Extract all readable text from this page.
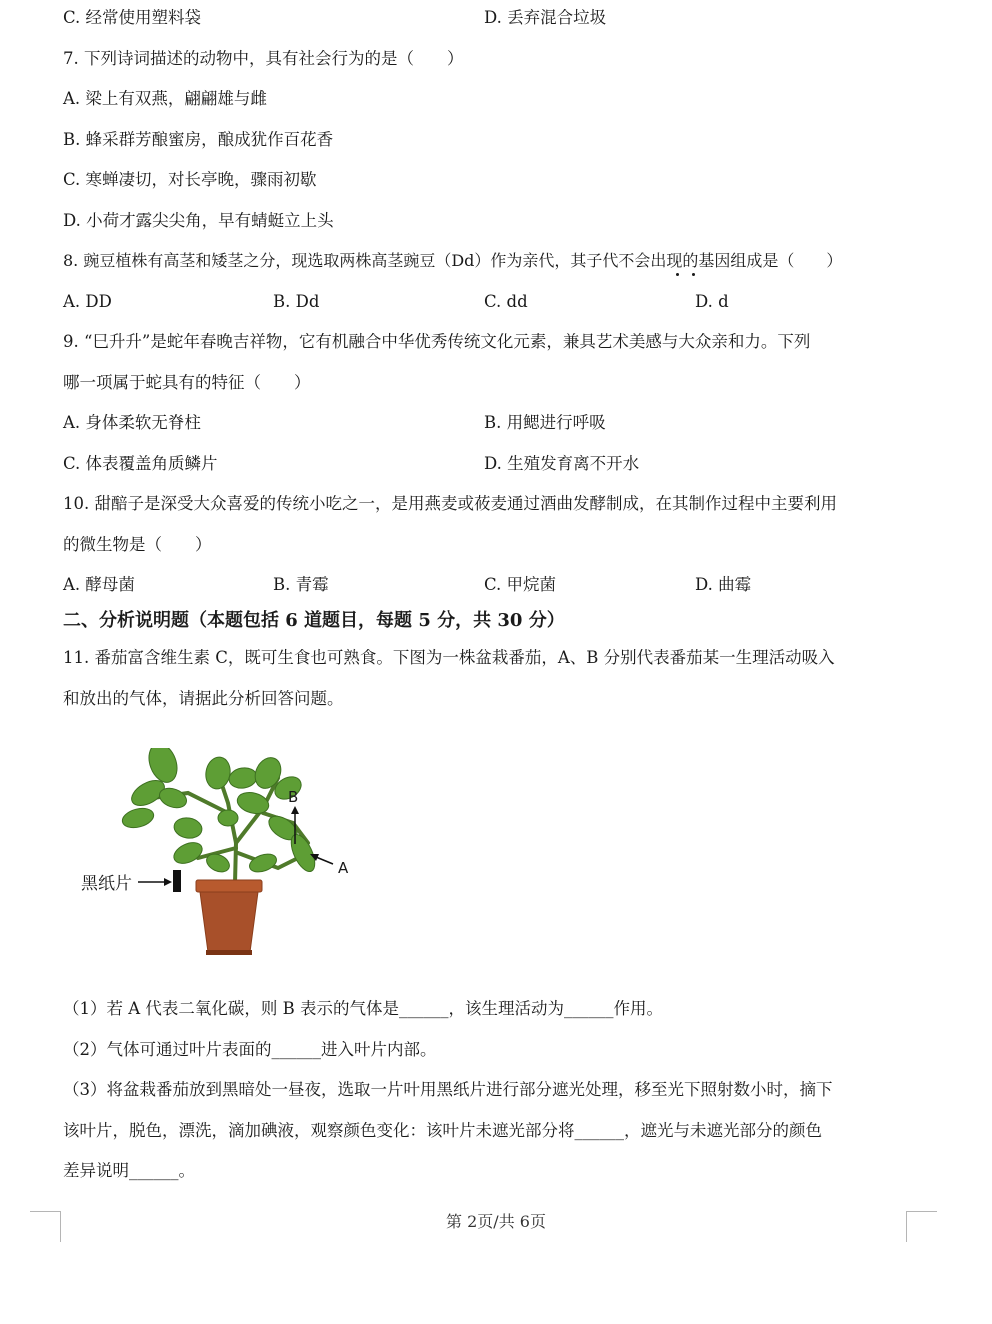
C. 经常使用塑料袋	D. 丢弃混合垃圾
7. 下列诗词描述的动物中，具有社会行为的是（　　）
A. 梁上有双燕，翩翩雄与雌
B. 蜂采群芳酿蜜房，酿成犹作百花香
C. 寒蝉凄切，对长亭晚，骤雨初歇
D. 小荷才露尖尖角，早有蜻蜓立上头
8. 豌豆植株有高茎和矮茎之分，现选取两株高茎豌豆（Dd）作为亲代，其子代不会出现的基因组成是（　　）
A. DD	B. Dd	C. dd	D. d
9. “巳升升”是蛇年春晚吉祥物，它有机融合中华优秀传统文化元素，兼具艺术美感与大众亲和力。下列
哪一项属于蛇具有的特征（　　）
A. 身体柔软无脊柱	B. 用鳃进行呼吸
C. 体表覆盖角质鳞片	D. 生殖发育离不开水
10. 甜醅子是深受大众喜爱的传统小吃之一，是用燕麦或莜麦通过酒曲发酵制成，在其制作过程中主要利用
的微生物是（　　）
A. 酵母菌	B. 青霉	C. 甲烷菌	D. 曲霉
二、分析说明题（本题包括 6 道题目，每题 5 分，共 30 分）
11. 番茄富含维生素 C，既可生食也可熟食。下图为一株盆栽番茄，A、B 分别代表番茄某一生理活动吸入
和放出的气体，请据此分析回答问题。
B
A
黑纸片
（1）若 A 代表二氧化碳，则 B 表示的气体是______，该生理活动为______作用。
（2）气体可通过叶片表面的______进入叶片内部。
（3）将盆栽番茄放到黑暗处一昼夜，选取一片叶用黑纸片进行部分遮光处理，移至光下照射数小时，摘下
该叶片，脱色，漂洗，滴加碘液，观察颜色变化：该叶片未遮光部分将______，遮光与未遮光部分的颜色
差异说明______。
第 2页/共 6页
